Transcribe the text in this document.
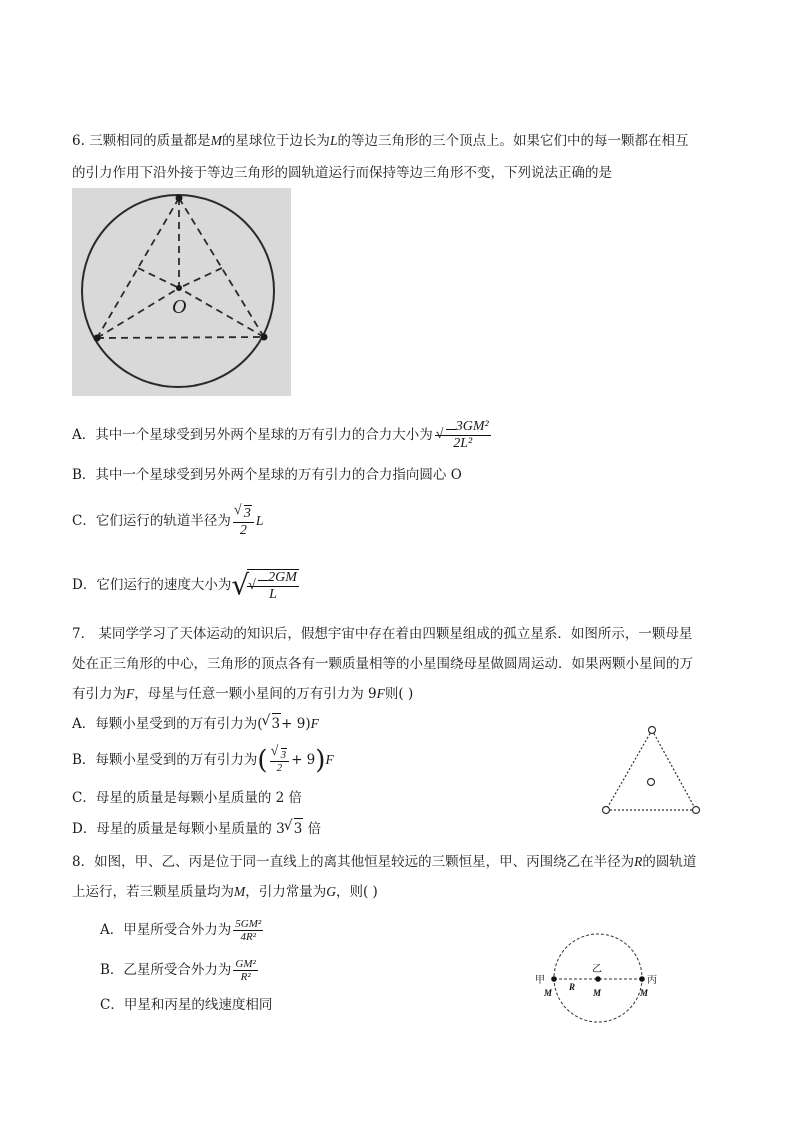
6. 三颗相同的质量都是M的星球位于边长为L的等边三角形的三个顶点上。如果它们中的每一颗都在相互
的引力作用下沿外接于等边三角形的圆轨道运行而保持等边三角形不变，下列说法正确的是
O
A．其中一个星球受到另外两个星球的万有引力的合力大小为 √ $\frac{\text{3GM²}}{\text{2L²}}$
B．其中一个星球受到另外两个星球的万有引力的合力指向圆心 O
C．它们运行的轨道半径为 √ $\frac{3}{2}$ L
D．它们运行的速度大小为√
$√\frac{2GM}{L}$
7． 某同学学习了天体运动的知识后，假想宇宙中存在着由四颗星组成的孤立星系．如图所示，一颗母星
处在正三角形的中心，三角形的顶点各有一颗质量相等的小星围绕母星做圆周运动．如果两颗小星间的万
有引力为F，母星与任意一颗小星间的万有引力为 9F则( )
A．每颗小星受到的万有引力为( √ 3+ 9)F
B．每颗小星受到的万有引力为( √ $\frac{3}{2} + 9)F$
C．母星的质量是每颗小星质量的 2 倍
D．母星的质量是每颗小星质量的 3 √ 3 倍
8．如图，甲、乙、丙是位于同一直线上的离其他恒星较远的三颗恒星，甲、丙围绕乙在半径为R的圆轨道
上运行，若三颗星质量均为M，引力常量为G，则( )
A．甲星所受合外力为 $\frac{\text{5GM²}}{\text{4R²}}$
B．乙星所受合外力为 $\frac{\text{GM²}}{\text{R²}}$
C．甲星和丙星的线速度相同
甲
乙
丙
M	M	M
R
